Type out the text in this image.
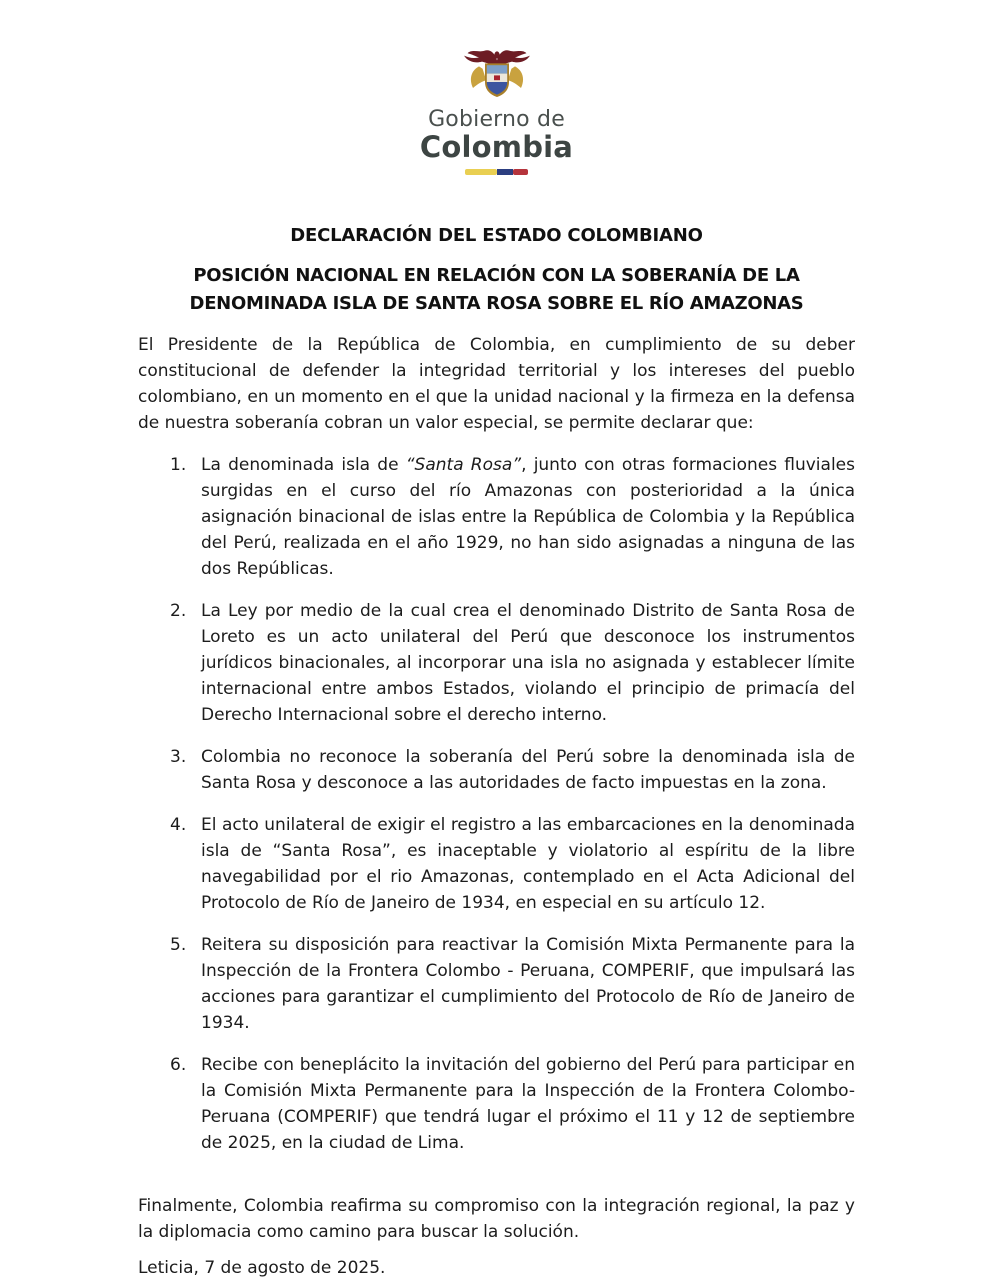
Gobierno de
Colombia
DECLARACIÓN DEL ESTADO COLOMBIANO
POSICIÓN NACIONAL EN RELACIÓN CON LA SOBERANÍA DE LA
DENOMINADA ISLA DE SANTA ROSA SOBRE EL RÍO AMAZONAS
El Presidente de la República de Colombia, en cumplimiento de su deber constitucional de defender la integridad territorial y los intereses del pueblo colombiano, en un momento en el que la unidad nacional y la firmeza en la defensa de nuestra soberanía cobran un valor especial, se permite declarar que:
1. La denominada isla de “Santa Rosa”, junto con otras formaciones fluviales surgidas en el curso del río Amazonas con posterioridad a la única asignación binacional de islas entre la República de Colombia y la República del Perú, realizada en el año 1929, no han sido asignadas a ninguna de las dos Repúblicas.
2. La Ley por medio de la cual crea el denominado Distrito de Santa Rosa de Loreto es un acto unilateral del Perú que desconoce los instrumentos jurídicos binacionales, al incorporar una isla no asignada y establecer límite internacional entre ambos Estados, violando el principio de primacía del Derecho Internacional sobre el derecho interno.
3. Colombia no reconoce la soberanía del Perú sobre la denominada isla de Santa Rosa y desconoce a las autoridades de facto impuestas en la zona.
4. El acto unilateral de exigir el registro a las embarcaciones en la denominada isla de “Santa Rosa”, es inaceptable y violatorio al espíritu de la libre navegabilidad por el rio Amazonas, contemplado en el Acta Adicional del Protocolo de Río de Janeiro de 1934, en especial en su artículo 12.
5. Reitera su disposición para reactivar la Comisión Mixta Permanente para la Inspección de la Frontera Colombo - Peruana, COMPERIF, que impulsará las acciones para garantizar el cumplimiento del Protocolo de Río de Janeiro de 1934.
6. Recibe con beneplácito la invitación del gobierno del Perú para participar en la Comisión Mixta Permanente para la Inspección de la Frontera Colombo-Peruana (COMPERIF) que tendrá lugar el próximo el 11 y 12 de septiembre de 2025, en la ciudad de Lima.
Finalmente, Colombia reafirma su compromiso con la integración regional, la paz y la diplomacia como camino para buscar la solución.
Leticia, 7 de agosto de 2025.
